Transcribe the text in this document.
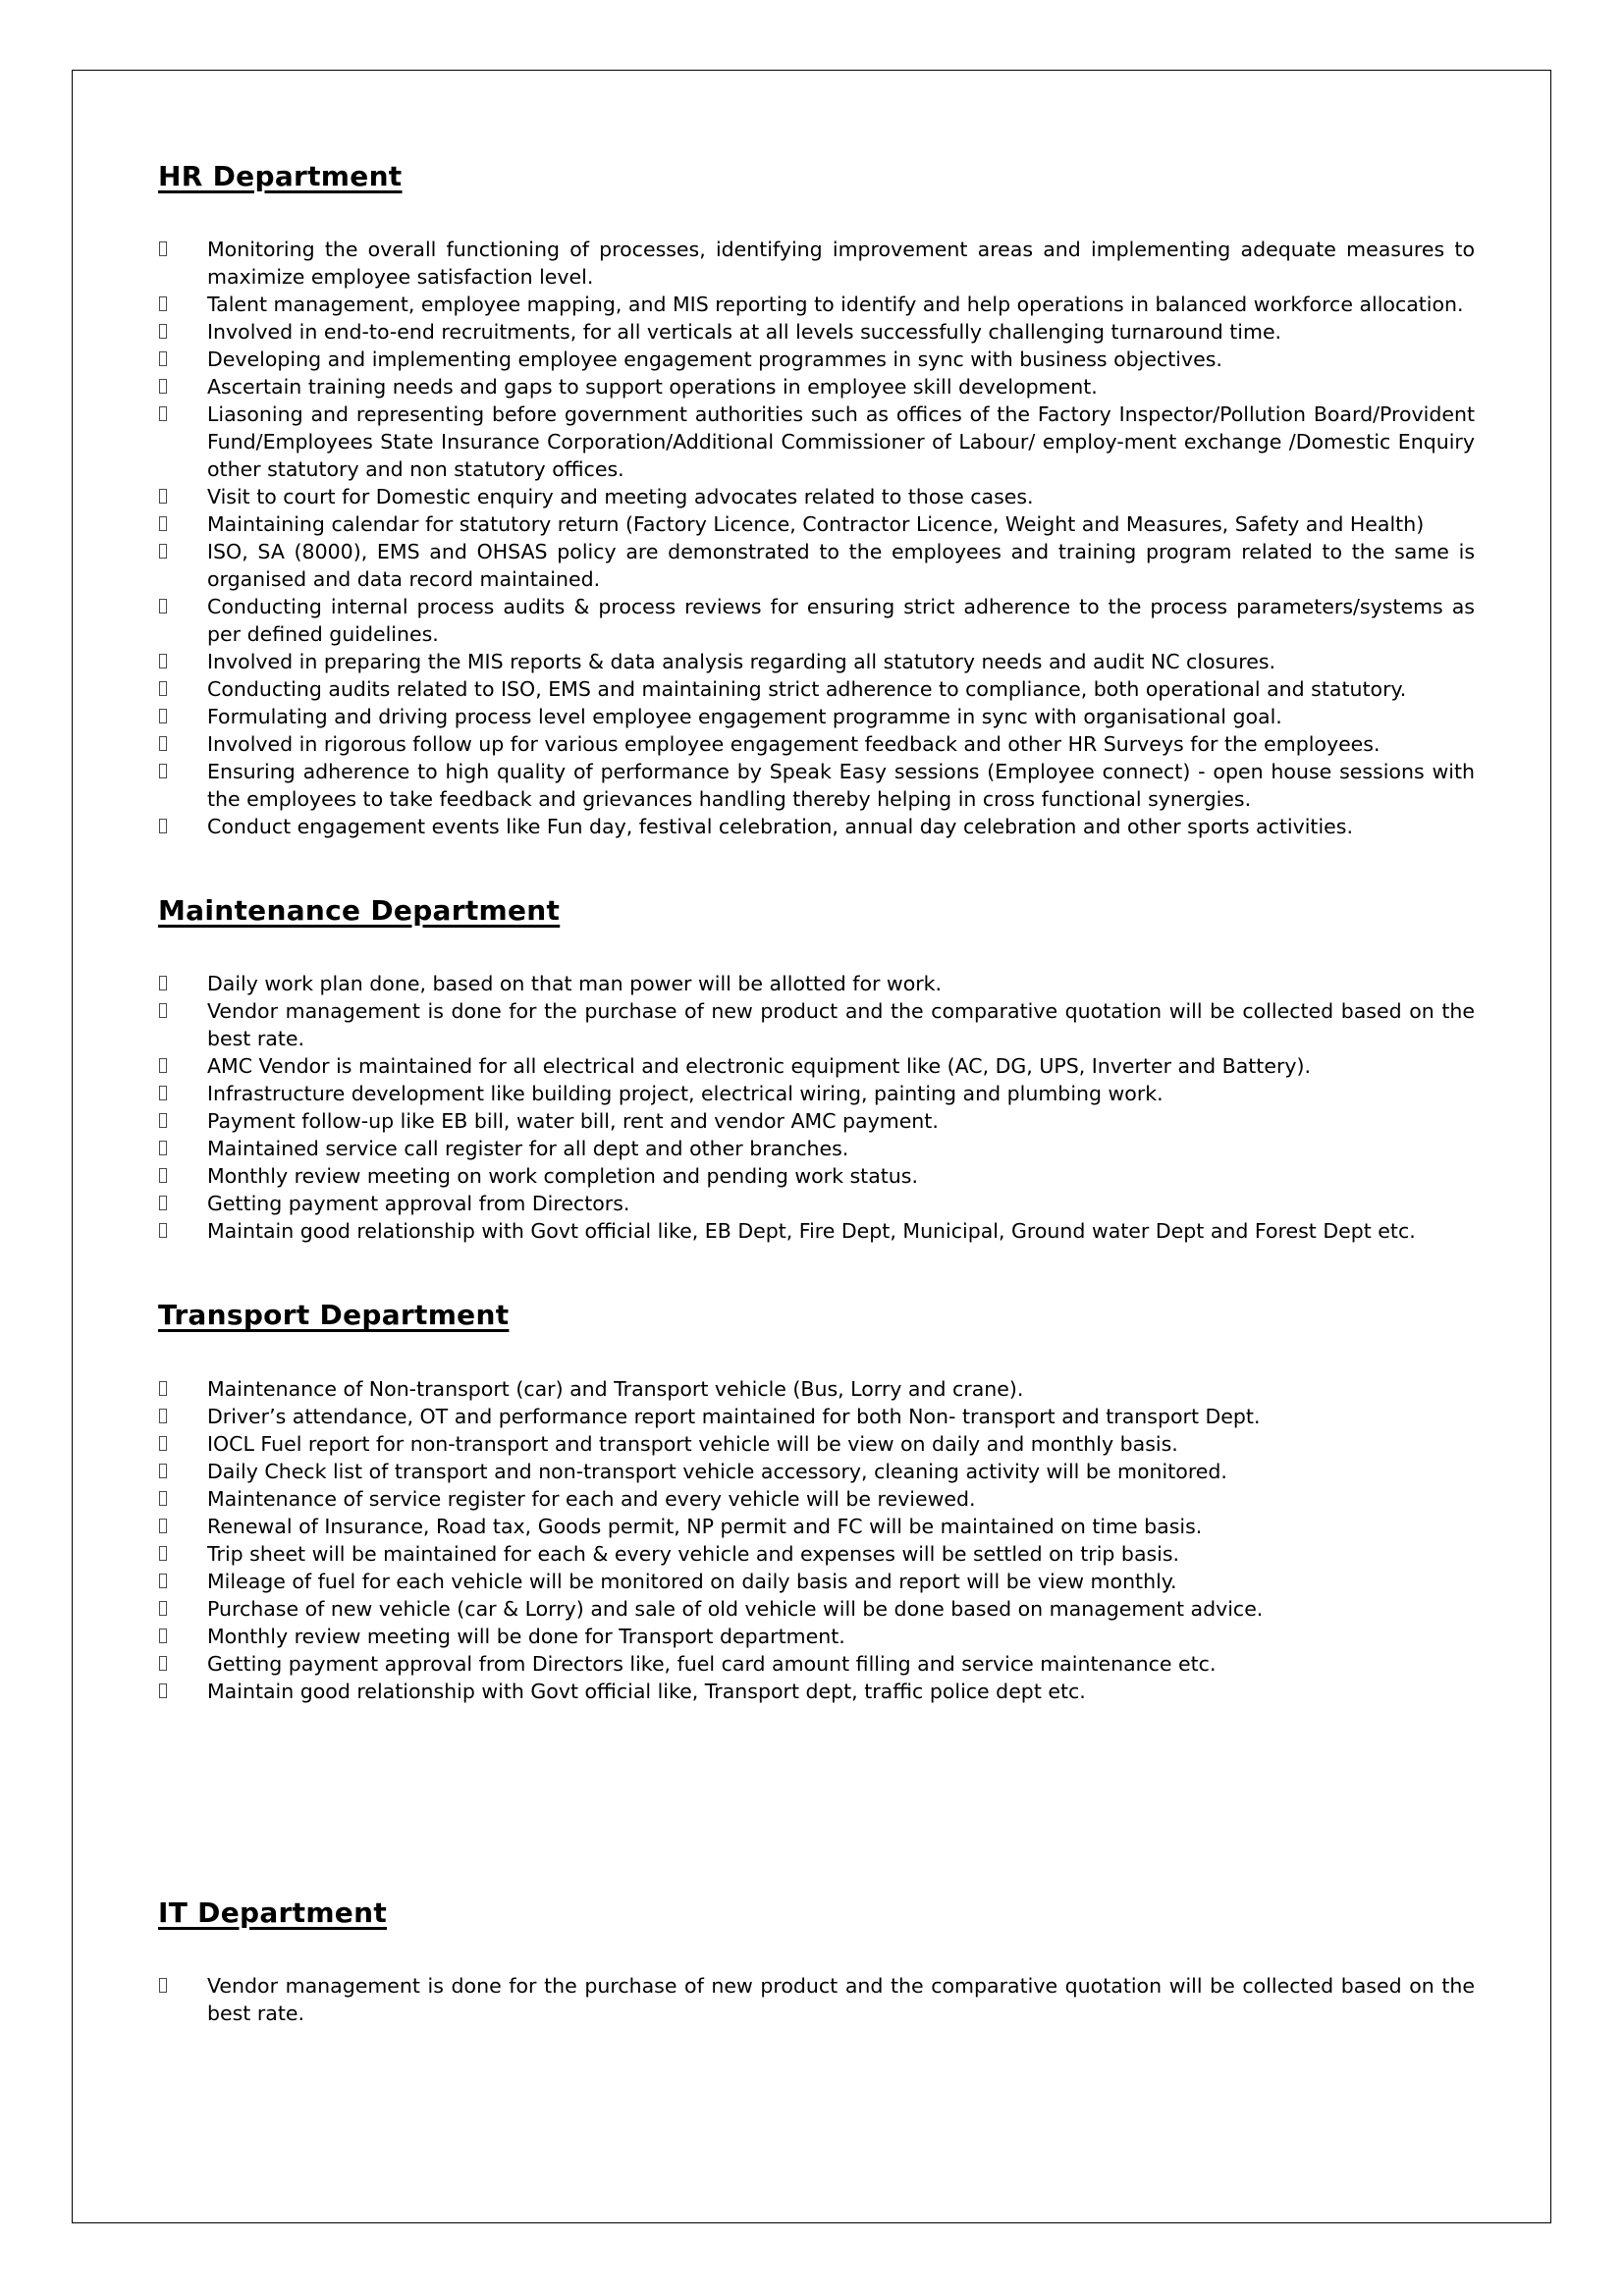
HR Department
Monitoring the overall functioning of processes, identifying improvement areas and implementing adequate measures to maximize employee satisfaction level.
Talent management, employee mapping, and MIS reporting to identify and help operations in balanced workforce allocation.
Involved in end-to-end recruitments, for all verticals at all levels successfully challenging turnaround time.
Developing and implementing employee engagement programmes in sync with business objectives.
Ascertain training needs and gaps to support operations in employee skill development.
Liasoning and representing before government authorities such as offices of the Factory Inspector/Pollution Board/Provident Fund/Employees State Insurance Corporation/Additional Commissioner of Labour/ employ-ment exchange /Domestic Enquiry other statutory and non statutory offices.
Visit to court for Domestic enquiry and meeting advocates related to those cases.
Maintaining calendar for statutory return (Factory Licence, Contractor Licence, Weight and Measures, Safety and Health)
ISO, SA (8000), EMS and OHSAS policy are demonstrated to the employees and training program related to the same is organised and data record maintained.
Conducting internal process audits & process reviews for ensuring strict adherence to the process parameters/systems as per defined guidelines.
Involved in preparing the MIS reports & data analysis regarding all statutory needs and audit NC closures.
Conducting audits related to ISO, EMS and maintaining strict adherence to compliance, both operational and statutory.
Formulating and driving process level employee engagement programme in sync with organisational goal.
Involved in rigorous follow up for various employee engagement feedback and other HR Surveys for the employees.
Ensuring adherence to high quality of performance by Speak Easy sessions (Employee connect) - open house sessions with the employees to take feedback and grievances handling thereby helping in cross functional synergies.
Conduct engagement events like Fun day, festival celebration, annual day celebration and other sports activities.
Maintenance Department
Daily work plan done, based on that man power will be allotted for work.
Vendor management is done for the purchase of new product and the comparative quotation will be collected based on the best rate.
AMC Vendor is maintained for all electrical and electronic equipment like (AC, DG, UPS, Inverter and Battery).
Infrastructure development like building project, electrical wiring, painting and plumbing work.
Payment follow-up like EB bill, water bill, rent and vendor AMC payment.
Maintained service call register for all dept and other branches.
Monthly review meeting on work completion and pending work status.
Getting payment approval from Directors.
Maintain good relationship with Govt official like, EB Dept, Fire Dept, Municipal, Ground water Dept and Forest Dept etc.
Transport Department
Maintenance of Non-transport (car) and Transport vehicle (Bus, Lorry and crane).
Driver’s attendance, OT and performance report maintained for both Non- transport and transport Dept.
IOCL Fuel report for non-transport and transport vehicle will be view on daily and monthly basis.
Daily Check list of transport and non-transport vehicle accessory, cleaning activity will be monitored.
Maintenance of service register for each and every vehicle will be reviewed.
Renewal of Insurance, Road tax, Goods permit, NP permit and FC will be maintained on time basis.
Trip sheet will be maintained for each & every vehicle and expenses will be settled on trip basis.
Mileage of fuel for each vehicle will be monitored on daily basis and report will be view monthly.
Purchase of new vehicle (car & Lorry) and sale of old vehicle will be done based on management advice.
Monthly review meeting will be done for Transport department.
Getting payment approval from Directors like, fuel card amount filling and service maintenance etc.
Maintain good relationship with Govt official like, Transport dept, traffic police dept etc.
IT Department
Vendor management is done for the purchase of new product and the comparative quotation will be collected based on the best rate.
